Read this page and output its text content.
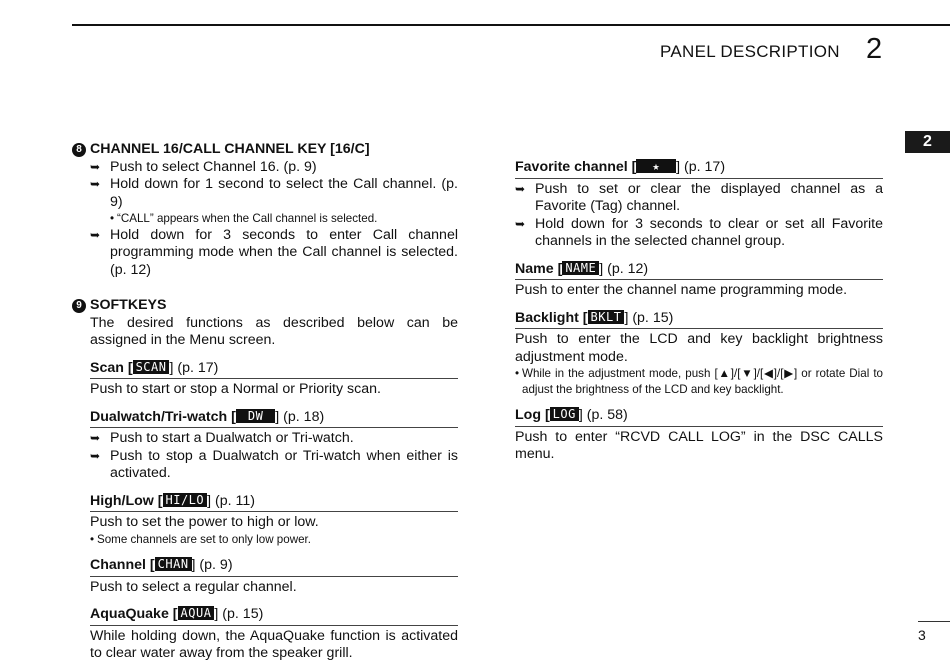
PANEL DESCRIPTION 2
2
8 CHANNEL 16/CALL CHANNEL KEY [16/C]
➥ Push to select Channel 16. (p. 9)
➥ Hold down for 1 second to select the Call channel. (p. 9)
• “CALL” appears when the Call channel is selected.
➥ Hold down for 3 seconds to enter Call channel programming mode when the Call channel is selected. (p. 12)
9 SOFTKEYS
The desired functions as described below can be assigned in the Menu screen.
Scan [ SCAN ] (p. 17)
Push to start or stop a Normal or Priority scan.
Dualwatch/Tri-watch [ DW ] (p. 18)
➥ Push to start a Dualwatch or Tri-watch.
➥ Push to stop a Dualwatch or Tri-watch when either is activated.
High/Low [ HI/LO ] (p. 11)
Push to set the power to high or low.
• Some channels are set to only low power.
Channel [ CHAN ] (p. 9)
Push to select a regular channel.
AquaQuake [ AQUA ] (p. 15)
While holding down, the AquaQuake function is activated to clear water away from the speaker grill.
Favorite channel [ ★ ] (p. 17)
➥ Push to set or clear the displayed channel as a Favorite (Tag) channel.
➥ Hold down for 3 seconds to clear or set all Favorite channels in the selected channel group.
Name [ NAME ] (p. 12)
Push to enter the channel name programming mode.
Backlight [ BKLT ] (p. 15)
Push to enter the LCD and key backlight brightness adjustment mode.
• While in the adjustment mode, push [▲]/[▼]/[◀]/[▶] or rotate Dial to adjust the brightness of the LCD and key backlight.
Log [ LOG ] (p. 58)
Push to enter “RCVD CALL LOG” in the DSC CALLS menu.
3
